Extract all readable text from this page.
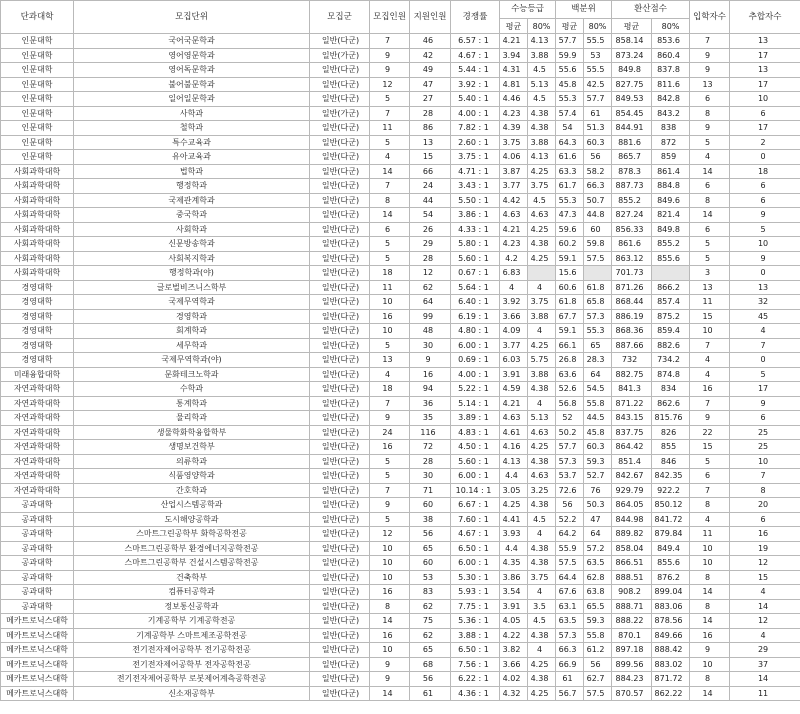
단과대학	모집단위	모집군	모집인원	지원인원	경쟁률	수능등급		백분위		환산점수		입학자수	추합자수
						평균	80%	평균	80%	평균	80%		
인문대학	국어국문학과	일반(다군)	7	46	6.57 : 1	4.21	4.13	57.7	55.5	858.14	853.6	7	13
인문대학	영어영문학과	일반(가군)	9	42	4.67 : 1	3.94	3.88	59.9	53	873.24	860.4	9	17
인문대학	영어독문학과	일반(다군)	9	49	5.44 : 1	4.31	4.5	55.6	55.5	849.8	837.8	9	13
인문대학	불어불문학과	일반(다군)	12	47	3.92 : 1	4.81	5.13	45.8	42.5	827.75	811.6	13	17
인문대학	일어일문학과	일반(다군)	5	27	5.40 : 1	4.46	4.5	55.3	57.7	849.53	842.8	6	10
인문대학	사학과	일반(가군)	7	28	4.00 : 1	4.23	4.38	57.4	61	854.45	843.2	8	6
인문대학	철학과	일반(다군)	11	86	7.82 : 1	4.39	4.38	54	51.3	844.91	838	9	17
인문대학	특수교육과	일반(다군)	5	13	2.60 : 1	3.75	3.88	64.3	60.3	881.6	872	5	2
인문대학	유아교육과	일반(다군)	4	15	3.75 : 1	4.06	4.13	61.6	56	865.7	859	4	0
사회과학대학	법학과	일반(다군)	14	66	4.71 : 1	3.87	4.25	63.3	58.2	878.3	861.4	14	18
사회과학대학	행정학과	일반(다군)	7	24	3.43 : 1	3.77	3.75	61.7	66.3	887.73	884.8	6	6
사회과학대학	국제관계학과	일반(다군)	8	44	5.50 : 1	4.42	4.5	55.3	50.7	855.2	849.6	8	6
사회과학대학	중국학과	일반(다군)	14	54	3.86 : 1	4.63	4.63	47.3	44.8	827.24	821.4	14	9
사회과학대학	사회학과	일반(다군)	6	26	4.33 : 1	4.21	4.25	59.6	60	856.33	849.8	6	5
사회과학대학	신문방송학과	일반(다군)	5	29	5.80 : 1	4.23	4.38	60.2	59.8	861.6	855.2	5	10
사회과학대학	사회복지학과	일반(다군)	5	28	5.60 : 1	4.2	4.25	59.1	57.5	863.12	855.6	5	9
사회과학대학	행정학과(야)	일반(다군)	18	12	0.67 : 1	6.83		15.6		701.73		3	0
경영대학	글로벌비즈니스학부	일반(다군)	11	62	5.64 : 1	4	4	60.6	61.8	871.26	866.2	13	13
경영대학	국제무역학과	일반(다군)	10	64	6.40 : 1	3.92	3.75	61.8	65.8	868.44	857.4	11	32
경영대학	경영학과	일반(다군)	16	99	6.19 : 1	3.66	3.88	67.7	57.3	886.19	875.2	15	45
경영대학	회계학과	일반(다군)	10	48	4.80 : 1	4.09	4	59.1	55.3	868.36	859.4	10	4
경영대학	세무학과	일반(다군)	5	30	6.00 : 1	3.77	4.25	66.1	65	887.66	882.6	7	7
경영대학	국제무역학과(야)	일반(다군)	13	9	0.69 : 1	6.03	5.75	26.8	28.3	732	734.2	4	0
미래융합대학	문화테크노학과	일반(다군)	4	16	4.00 : 1	3.91	3.88	63.6	64	882.75	874.8	4	5
자연과학대학	수학과	일반(다군)	18	94	5.22 : 1	4.59	4.38	52.6	54.5	841.3	834	16	17
자연과학대학	통계학과	일반(다군)	7	36	5.14 : 1	4.21	4	56.8	55.8	871.22	862.6	7	9
자연과학대학	물리학과	일반(다군)	9	35	3.89 : 1	4.63	5.13	52	44.5	843.15	815.76	9	6
자연과학대학	생물학화학융합학부	일반(다군)	24	116	4.83 : 1	4.61	4.63	50.2	45.8	837.75	826	22	25
자연과학대학	생명보건학부	일반(다군)	16	72	4.50 : 1	4.16	4.25	57.7	60.3	864.42	855	15	25
자연과학대학	의류학과	일반(다군)	5	28	5.60 : 1	4.13	4.38	57.3	59.3	851.4	846	5	10
자연과학대학	식품영양학과	일반(다군)	5	30	6.00 : 1	4.4	4.63	53.7	52.7	842.67	842.35	6	7
자연과학대학	간호학과	일반(다군)	7	71	10.14 : 1	3.05	3.25	72.6	76	929.79	922.2	7	8
공과대학	산업시스템공학과	일반(다군)	9	60	6.67 : 1	4.25	4.38	56	50.3	864.05	850.12	8	20
공과대학	도시해양공학과	일반(다군)	5	38	7.60 : 1	4.41	4.5	52.2	47	844.98	841.72	4	6
공과대학	스마트그린공학부 화학공학전공	일반(다군)	12	56	4.67 : 1	3.93	4	64.2	64	889.82	879.84	11	16
공과대학	스마트그린공학부 환경에너지공학전공	일반(다군)	10	65	6.50 : 1	4.4	4.38	55.9	57.2	858.04	849.4	10	19
공과대학	스마트그린공학부 건설시스템공학전공	일반(다군)	10	60	6.00 : 1	4.35	4.38	57.5	63.5	866.51	855.6	10	12
공과대학	건축학부	일반(다군)	10	53	5.30 : 1	3.86	3.75	64.4	62.8	888.51	876.2	8	15
공과대학	컴퓨터공학과	일반(다군)	16	83	5.93 : 1	3.54	4	67.6	63.8	908.2	899.04	14	4
공과대학	정보통신공학과	일반(다군)	8	62	7.75 : 1	3.91	3.5	63.1	65.5	888.71	883.06	8	14
메카트로닉스대학	기계공학부 기계공학전공	일반(다군)	14	75	5.36 : 1	4.05	4.5	63.5	59.3	888.22	878.56	14	12
메카트로닉스대학	기계공학부 스마트제조공학전공	일반(다군)	16	62	3.88 : 1	4.22	4.38	57.3	55.8	870.1	849.66	16	4
메카트로닉스대학	전기전자제어공학부 전기공학전공	일반(다군)	10	65	6.50 : 1	3.82	4	66.3	61.2	897.18	888.42	9	29
메카트로닉스대학	전기전자제어공학부 전자공학전공	일반(다군)	9	68	7.56 : 1	3.66	4.25	66.9	56	899.56	883.02	10	37
메카트로닉스대학	전기전자제어공학부 로봇제어계측공학전공	일반(다군)	9	56	6.22 : 1	4.02	4.38	61	62.7	884.23	871.72	8	14
메카트로닉스대학	신소재공학부	일반(다군)	14	61	4.36 : 1	4.32	4.25	56.7	57.5	870.57	862.22	14	11
